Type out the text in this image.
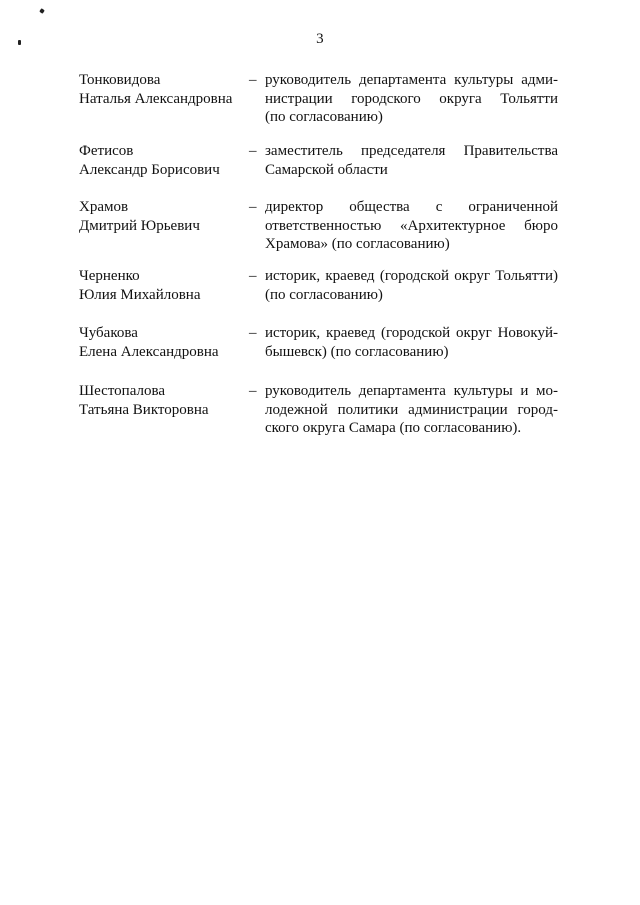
3
Тонковидова
Наталья Александровна
– руководитель департамента культуры адми-
нистрации городского округа Тольятти
(по согласованию)
Фетисов
Александр Борисович
– заместитель председателя Правительства
Самарской области
Храмов
Дмитрий Юрьевич
– директор общества с ограниченной
ответственностью «Архитектурное бюро
Храмова» (по согласованию)
Черненко
Юлия Михайловна
– историк, краевед (городской округ Тольятти)
(по согласованию)
Чубакова
Елена Александровна
– историк, краевед (городской округ Новокуй-
бышевск) (по согласованию)
Шестопалова
Татьяна Викторовна
– руководитель департамента культуры и мо-
лодежной политики администрации город-
ского округа Самара (по согласованию).
